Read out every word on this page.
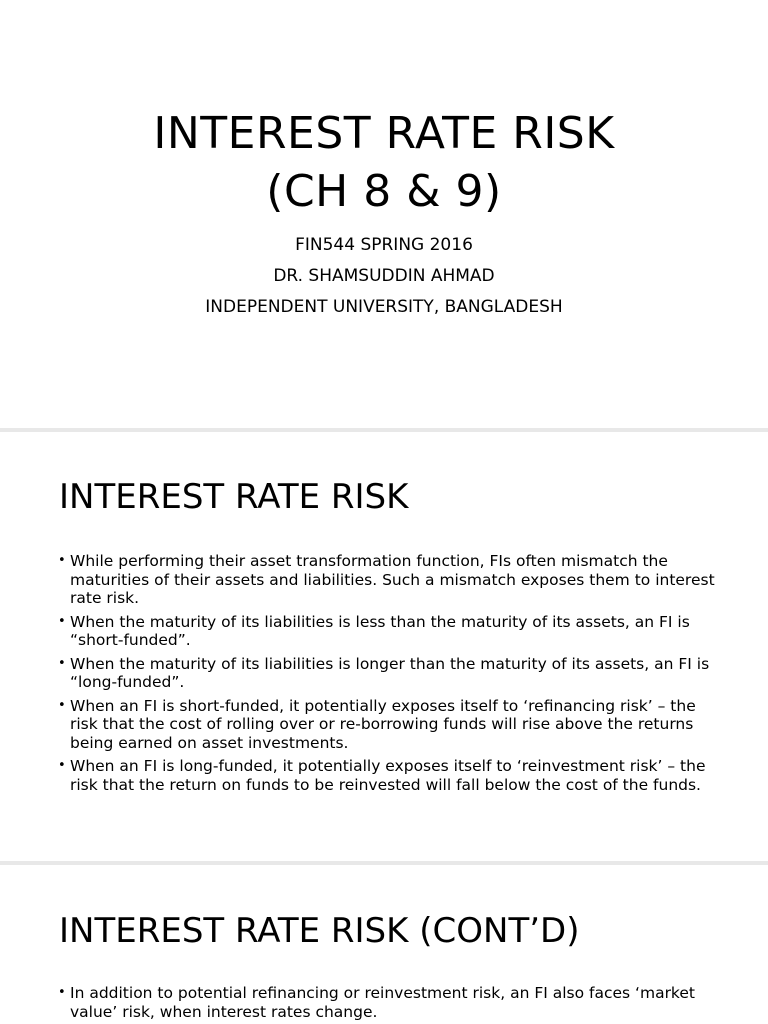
INTEREST RATE RISK
(CH 8 & 9)
FIN544 SPRING 2016
DR. SHAMSUDDIN AHMAD
INDEPENDENT UNIVERSITY, BANGLADESH
INTEREST RATE RISK
• While performing their asset transformation function, FIs often mismatch the maturities of their assets and liabilities. Such a mismatch exposes them to interest rate risk.
• When the maturity of its liabilities is less than the maturity of its assets, an FI is “short-funded”.
• When the maturity of its liabilities is longer than the maturity of its assets, an FI is “long-funded”.
• When an FI is short-funded, it potentially exposes itself to ‘refinancing risk’ – the risk that the cost of rolling over or re-borrowing funds will rise above the returns being earned on asset investments.
• When an FI is long-funded, it potentially exposes itself to ‘reinvestment risk’ – the risk that the return on funds to be reinvested will fall below the cost of the funds.
INTEREST RATE RISK (CONT’D)
• In addition to potential refinancing or reinvestment risk, an FI also faces ‘market value’ risk, when interest rates change.
